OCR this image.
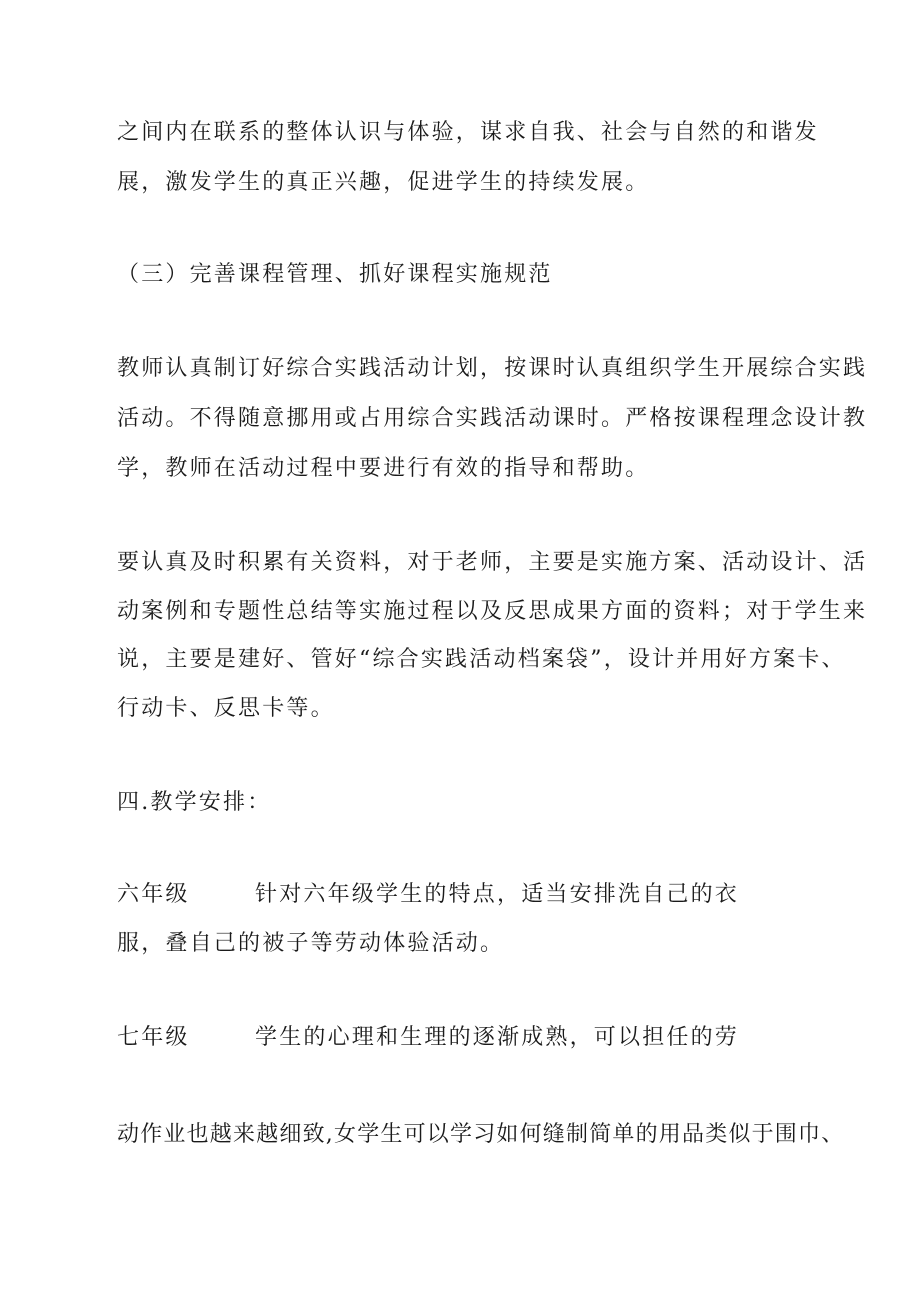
之间内在联系的整体认识与体验，谋求自我、社会与自然的和谐发
展，激发学生的真正兴趣，促进学生的持续发展。
（三）完善课程管理、抓好课程实施规范
教师认真制订好综合实践活动计划，按课时认真组织学生开展综合实践
活动。不得随意挪用或占用综合实践活动课时。严格按课程理念设计教
学，教师在活动过程中要进行有效的指导和帮助。
要认真及时积累有关资料，对于老师，主要是实施方案、活动设计、活
动案例和专题性总结等实施过程以及反思成果方面的资料；对于学生来
说，主要是建好、管好“综合实践活动档案袋”，设计并用好方案卡、
行动卡、反思卡等。
四.教学安排：
六年级	针对六年级学生的特点，适当安排洗自己的衣
服，叠自己的被子等劳动体验活动。
七年级	学生的心理和生理的逐渐成熟，可以担任的劳
动作业也越来越细致,女学生可以学习如何缝制简单的用品类似于围巾、
